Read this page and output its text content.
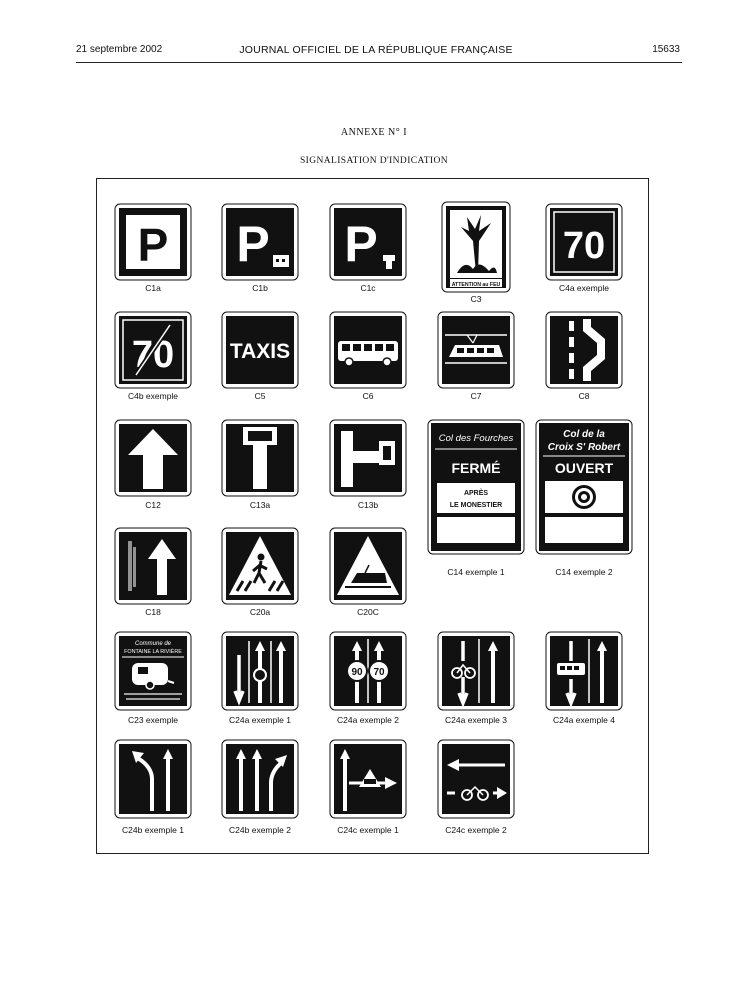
21 septembre 2002	JOURNAL OFFICIEL DE LA RÉPUBLIQUE FRANÇAISE	15633
ANNEXE N° I
SIGNALISATION D'INDICATION
P
C1a
P
C1b
P
C1c	ATTENTION au FEU
C3
70
C4a exemple
70
C4b exemple
TAXIS
C5	C6	C7	C8
C12	C13a	C13b
Col des Fourches
FERMÉ
APRÈS
LE MONESTIER
C14 exemple 1
Col de la
Croix S' Robert
OUVERT
C14 exemple 2
C18	C20a	C20C
Commune de
FONTAINE LA RIVIÈRE
C23 exemple	C24a exemple 1
90 70
C24a exemple 2	C24a exemple 3	C24a exemple 4
C24b exemple 1	C24b exemple 2	C24c exemple 1	C24c exemple 2
